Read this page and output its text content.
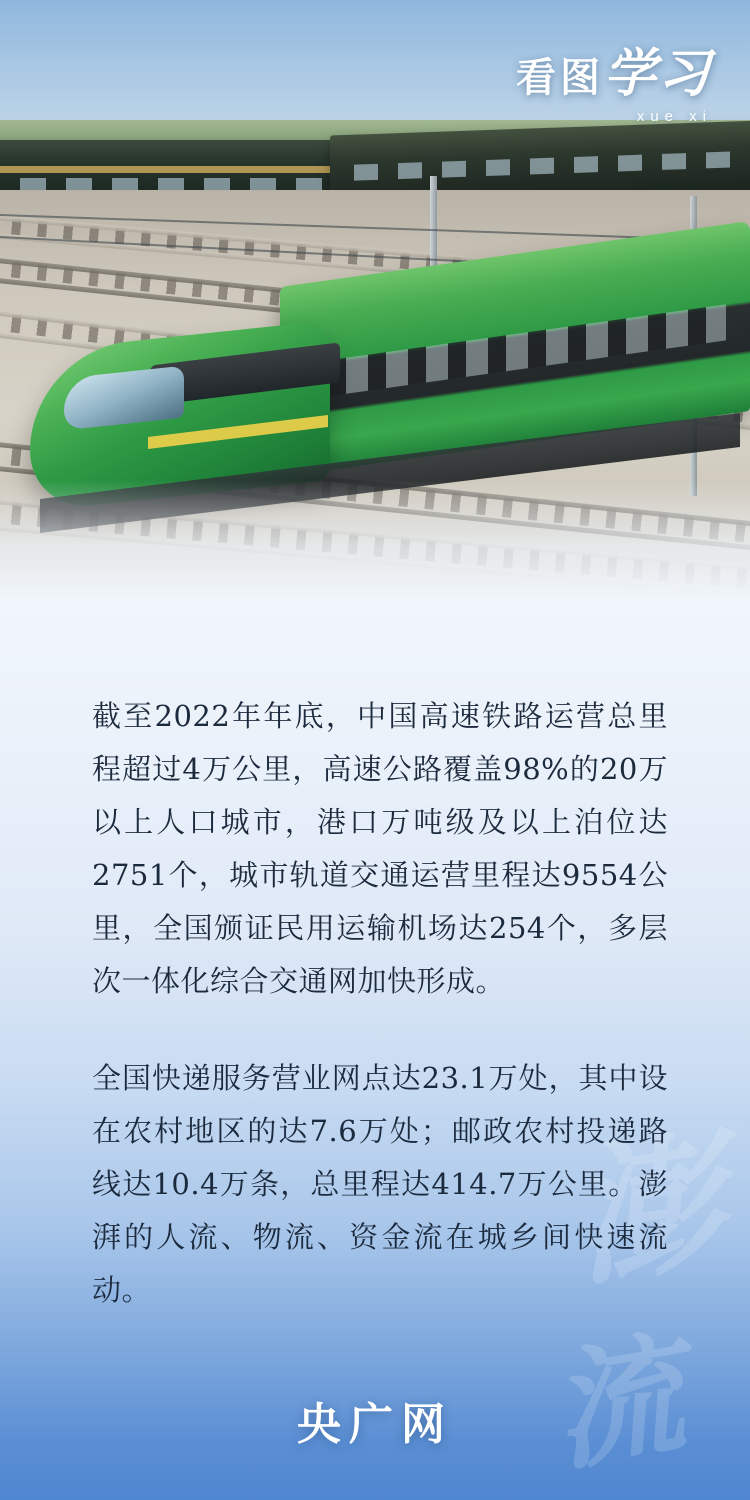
看图学习
xue xi
澎
流

截至2022年年底，中国高速铁路运营总里程超过4万公里，高速公路覆盖98%的20万以上人口城市，港口万吨级及以上泊位达2751个，城市轨道交通运营里程达9554公里，全国颁证民用运输机场达254个，多层次一体化综合交通网加快形成。

全国快递服务营业网点达23.1万处，其中设在农村地区的达7.6万处；邮政农村投递路线达10.4万条，总里程达414.7万公里。澎湃的人流、物流、资金流在城乡间快速流动。

央广网
